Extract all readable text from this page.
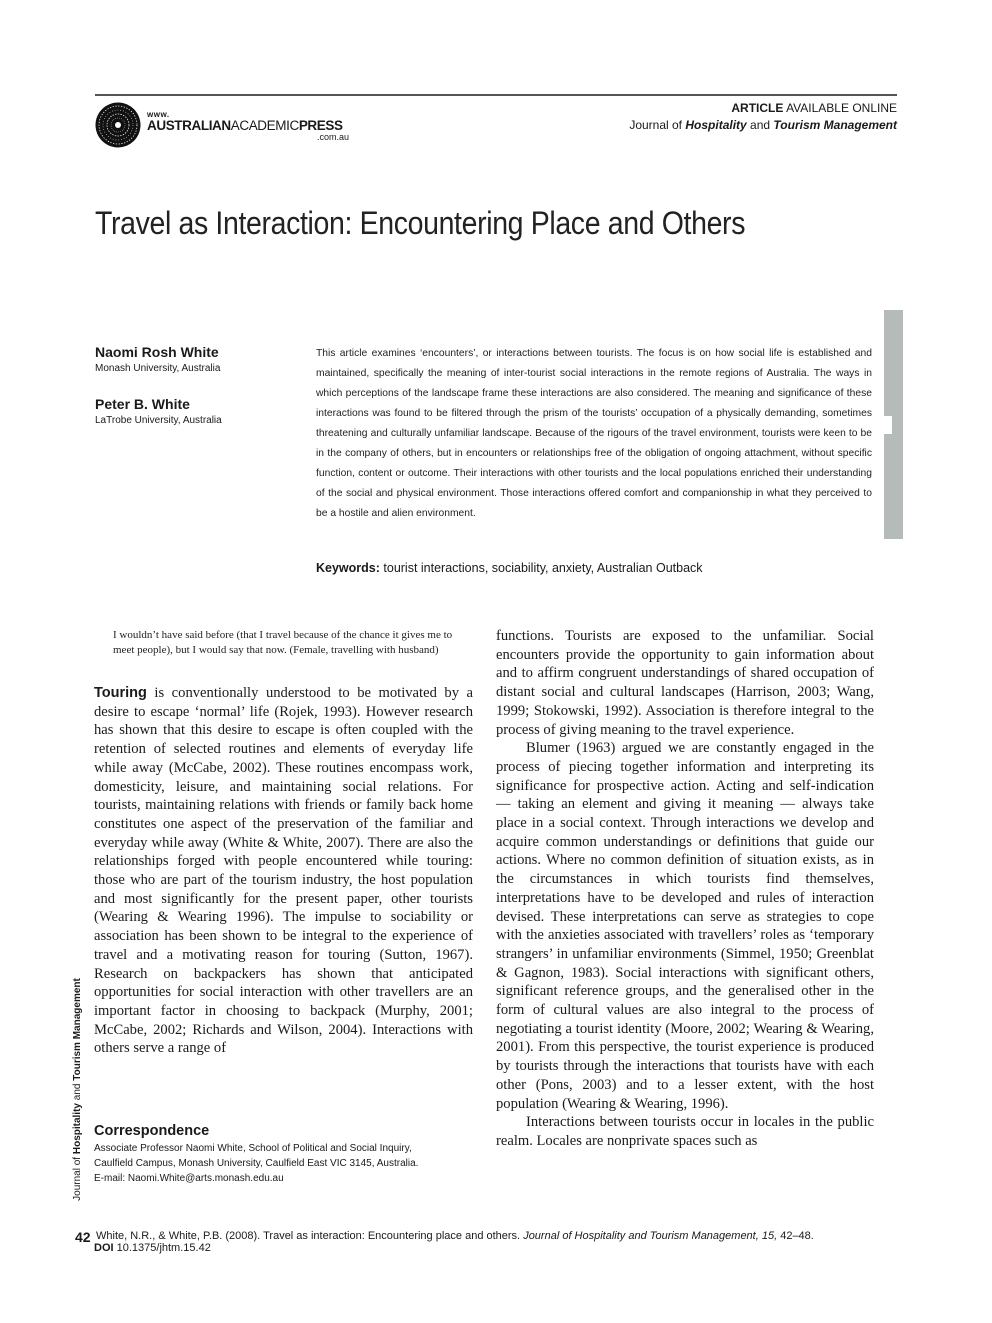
www.
AUSTRALIANACADEMICPRESS
.com.au
ARTICLE AVAILABLE ONLINE
Journal of Hospitality and Tourism Management
Travel as Interaction: Encountering Place and Others
Naomi Rosh White
Monash University, Australia
Peter B. White
LaTrobe University, Australia
This article examines ‘encounters’, or interactions between tourists. The focus is on how social life is established and maintained, specifically the meaning of inter-tourist social interactions in the remote regions of Australia. The ways in which perceptions of the landscape frame these interactions are also considered. The meaning and significance of these interactions was found to be filtered through the prism of the tourists’ occupation of a physically demanding, sometimes threatening and culturally unfamiliar landscape. Because of the rigours of the travel environment, tourists were keen to be in the company of others, but in encounters or relationships free of the obligation of ongoing attachment, without specific function, content or outcome. Their interactions with other tourists and the local populations enriched their understanding of the social and physical environment. Those interactions offered comfort and companionship in what they perceived to be a hostile and alien environment.
Keywords: tourist interactions, sociability, anxiety, Australian Outback
I wouldn’t have said before (that I travel because of the chance it gives me to meet people), but I would say that now. (Female, travelling with husband)

Touring is conventionally understood to be motivated by a desire to escape ‘normal’ life (Rojek, 1993). However research has shown that this desire to escape is often coupled with the retention of selected routines and elements of everyday life while away (McCabe, 2002). These routines encompass work, domesticity, leisure, and maintaining social relations. For tourists, maintaining relations with friends or family back home constitutes one aspect of the preservation of the familiar and everyday while away (White & White, 2007). There are also the relationships forged with people encountered while touring: those who are part of the tourism industry, the host population and most significantly for the present paper, other tourists (Wearing & Wearing 1996). The impulse to sociability or association has been shown to be integral to the experience of travel and a motivating reason for touring (Sutton, 1967). Research on backpackers has shown that anticipated opportunities for social interaction with other travellers are an important factor in choosing to backpack (Murphy, 2001; McCabe, 2002; Richards and Wilson, 2004). Interactions with others serve a range of

functions. Tourists are exposed to the unfamiliar. Social encounters provide the opportunity to gain information about and to affirm congruent understandings of shared occupation of distant social and cultural landscapes (Harrison, 2003; Wang, 1999; Stokowski, 1992). Association is therefore integral to the process of giving meaning to the travel experience.

Blumer (1963) argued we are constantly engaged in the process of piecing together information and interpreting its significance for prospective action. Acting and self-indication — taking an element and giving it meaning — always take place in a social context. Through interactions we develop and acquire common understandings or definitions that guide our actions. Where no common definition of situation exists, as in the circumstances in which tourists find themselves, interpretations have to be developed and rules of interaction devised. These interpretations can serve as strategies to cope with the anxieties associated with travellers’ roles as ‘temporary strangers’ in unfamiliar environments (Simmel, 1950; Greenblat & Gagnon, 1983). Social interactions with significant others, significant reference groups, and the generalised other in the form of cultural values are also integral to the process of negotiating a tourist identity (Moore, 2002; Wearing & Wearing, 2001). From this perspective, the tourist experience is produced by tourists through the interactions that tourists have with each other (Pons, 2003) and to a lesser extent, with the host population (Wearing & Wearing, 1996).

Interactions between tourists occur in locales in the public realm. Locales are nonprivate spaces such as

Journal of Hospitality and Tourism Management
Correspondence
Associate Professor Naomi White, School of Political and Social Inquiry,
Caulfield Campus, Monash University, Caulfield East VIC 3145, Australia.
E-mail: Naomi.White@arts.monash.edu.au
42 White, N.R., & White, P.B. (2008). Travel as interaction: Encountering place and others. Journal of Hospitality and Tourism Management, 15, 42–48.
DOI 10.1375/jhtm.15.42
